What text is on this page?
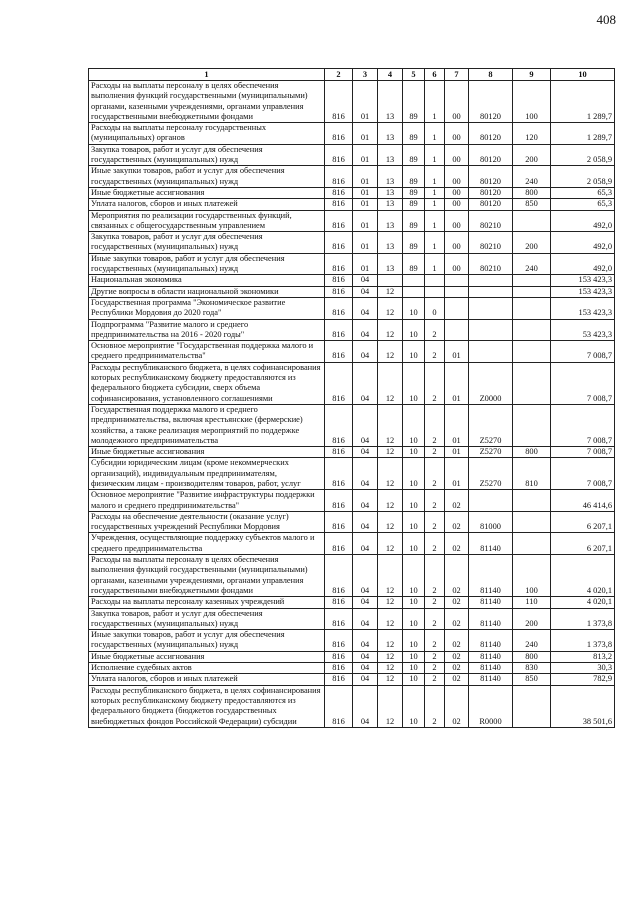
408
1	2	3	4	5	6	7	8	9	10
Расходы на выплаты персоналу в целях обеспечения выполнения функций государственными (муниципальными) органами, казенными учреждениями, органами управления государственными внебюджетными фондами	816	01	13	89	1	00	80120	100	1 289,7
Расходы на выплаты персоналу государственных (муниципальных) органов	816	01	13	89	1	00	80120	120	1 289,7
Закупка товаров, работ и услуг для обеспечения государственных (муниципальных) нужд	816	01	13	89	1	00	80120	200	2 058,9
Иные закупки товаров, работ и услуг для обеспечения государственных (муниципальных) нужд	816	01	13	89	1	00	80120	240	2 058,9
Иные бюджетные ассигнования	816	01	13	89	1	00	80120	800	65,3
Уплата налогов, сборов и иных платежей	816	01	13	89	1	00	80120	850	65,3
Мероприятия по реализации государственных функций, связанных с общегосударственным управлением	816	01	13	89	1	00	80210		492,0
Закупка товаров, работ и услуг для обеспечения государственных (муниципальных) нужд	816	01	13	89	1	00	80210	200	492,0
Иные закупки товаров, работ и услуг для обеспечения государственных (муниципальных) нужд	816	01	13	89	1	00	80210	240	492,0
Национальная экономика	816	04							153 423,3
Другие вопросы в области национальной экономики	816	04	12						153 423,3
Государственная программа "Экономическое развитие Республики Мордовия до 2020 года"	816	04	12	10	0				153 423,3
Подпрограмма "Развитие малого и среднего предпринимательства на 2016 - 2020 годы"	816	04	12	10	2				53 423,3
Основное мероприятие "Государственная поддержка малого и среднего предпринимательства"	816	04	12	10	2	01			7 008,7
Расходы республиканского бюджета, в целях софинансирования которых республиканскому бюджету предоставляются из федерального бюджета субсидии, сверх объема софинансирования, установленного соглашениями	816	04	12	10	2	01	Z0000		7 008,7
Государственная поддержка малого и среднего предпринимательства, включая крестьянские (фермерские) хозяйства, а также реализация мероприятий по поддержке молодежного предпринимательства	816	04	12	10	2	01	Z5270		7 008,7
Иные бюджетные ассигнования	816	04	12	10	2	01	Z5270	800	7 008,7
Субсидии юридическим лицам (кроме некоммерческих организаций), индивидуальным предпринимателям, физическим лицам - производителям товаров, работ, услуг	816	04	12	10	2	01	Z5270	810	7 008,7
Основное мероприятие "Развитие инфраструктуры поддержки малого и среднего предпринимательства"	816	04	12	10	2	02			46 414,6
Расходы на обеспечение деятельности (оказание услуг) государственных учреждений Республики Мордовия	816	04	12	10	2	02	81000		6 207,1
Учреждения, осуществляющие поддержку субъектов малого и среднего предпринимательства	816	04	12	10	2	02	81140		6 207,1
Расходы на выплаты персоналу в целях обеспечения выполнения функций государственными (муниципальными) органами, казенными учреждениями, органами управления государственными внебюджетными фондами	816	04	12	10	2	02	81140	100	4 020,1
Расходы на выплаты персоналу казенных учреждений	816	04	12	10	2	02	81140	110	4 020,1
Закупка товаров, работ и услуг для обеспечения государственных (муниципальных) нужд	816	04	12	10	2	02	81140	200	1 373,8
Иные закупки товаров, работ и услуг для обеспечения государственных (муниципальных) нужд	816	04	12	10	2	02	81140	240	1 373,8
Иные бюджетные ассигнования	816	04	12	10	2	02	81140	800	813,2
Исполнение судебных актов	816	04	12	10	2	02	81140	830	30,3
Уплата налогов, сборов и иных платежей	816	04	12	10	2	02	81140	850	782,9
Расходы республиканского бюджета, в целях софинансирования которых республиканскому бюджету предоставляются из федерального бюджета (бюджетов государственных внебюджетных фондов Российской Федерации) субсидии	816	04	12	10	2	02	R0000		38 501,6
